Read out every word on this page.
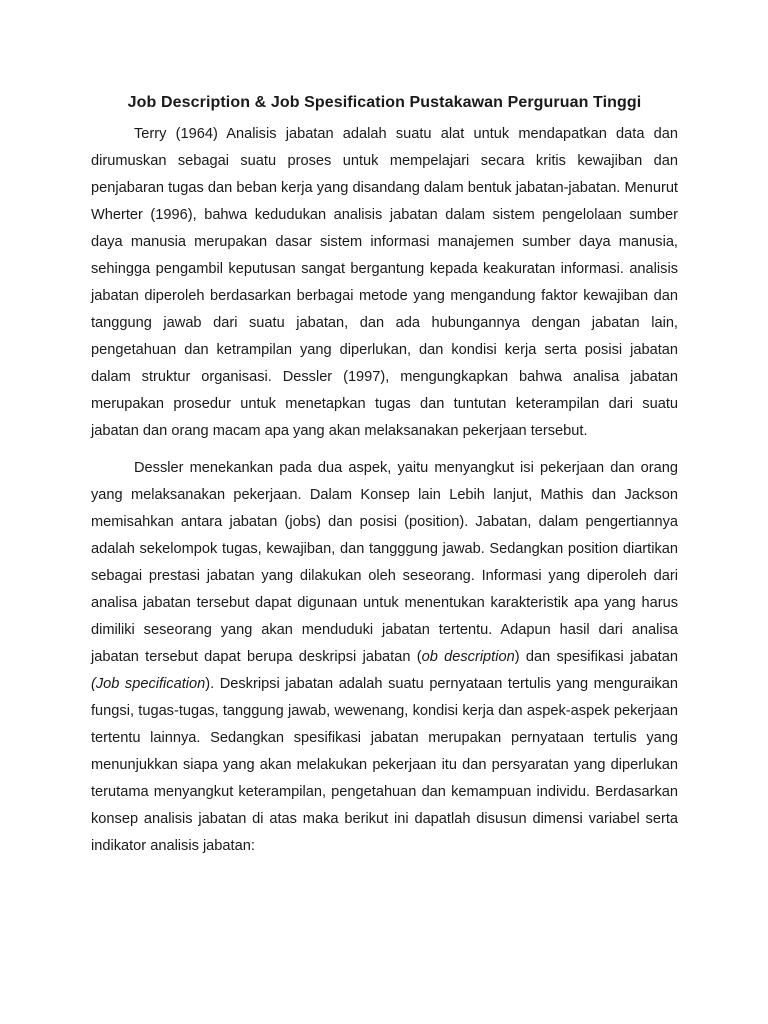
Job Description & Job Spesification Pustakawan Perguruan Tinggi

Terry (1964) Analisis jabatan adalah suatu alat untuk mendapatkan data dan dirumuskan sebagai suatu proses untuk mempelajari secara kritis kewajiban dan penjabaran tugas dan beban kerja yang disandang dalam bentuk jabatan-jabatan. Menurut Wherter (1996), bahwa kedudukan analisis jabatan dalam sistem pengelolaan sumber daya manusia merupakan dasar sistem informasi manajemen sumber daya manusia, sehingga pengambil keputusan sangat bergantung kepada keakuratan informasi. analisis jabatan diperoleh berdasarkan berbagai metode yang mengandung faktor kewajiban dan tanggung jawab dari suatu jabatan, dan ada hubungannya dengan jabatan lain, pengetahuan dan ketrampilan yang diperlukan, dan kondisi kerja serta posisi jabatan dalam struktur organisasi. Dessler (1997), mengungkapkan bahwa analisa jabatan merupakan prosedur untuk menetapkan tugas dan tuntutan keterampilan dari suatu jabatan dan orang macam apa yang akan melaksanakan pekerjaan tersebut.

Dessler menekankan pada dua aspek, yaitu menyangkut isi pekerjaan dan orang yang melaksanakan pekerjaan. Dalam Konsep lain Lebih lanjut, Mathis dan Jackson memisahkan antara jabatan (jobs) dan posisi (position). Jabatan, dalam pengertiannya adalah sekelompok tugas, kewajiban, dan tangggung jawab. Sedangkan position diartikan sebagai prestasi jabatan yang dilakukan oleh seseorang. Informasi yang diperoleh dari analisa jabatan tersebut dapat digunaan untuk menentukan karakteristik apa yang harus dimiliki seseorang yang akan menduduki jabatan tertentu. Adapun hasil dari analisa jabatan tersebut dapat berupa deskripsi jabatan (ob description) dan spesifikasi jabatan (Job specification). Deskripsi jabatan adalah suatu pernyataan tertulis yang menguraikan fungsi, tugas-tugas, tanggung jawab, wewenang, kondisi kerja dan aspek-aspek pekerjaan tertentu lainnya. Sedangkan spesifikasi jabatan merupakan pernyataan tertulis yang menunjukkan siapa yang akan melakukan pekerjaan itu dan persyaratan yang diperlukan terutama menyangkut keterampilan, pengetahuan dan kemampuan individu. Berdasarkan konsep analisis jabatan di atas maka berikut ini dapatlah disusun dimensi variabel serta indikator analisis jabatan:
